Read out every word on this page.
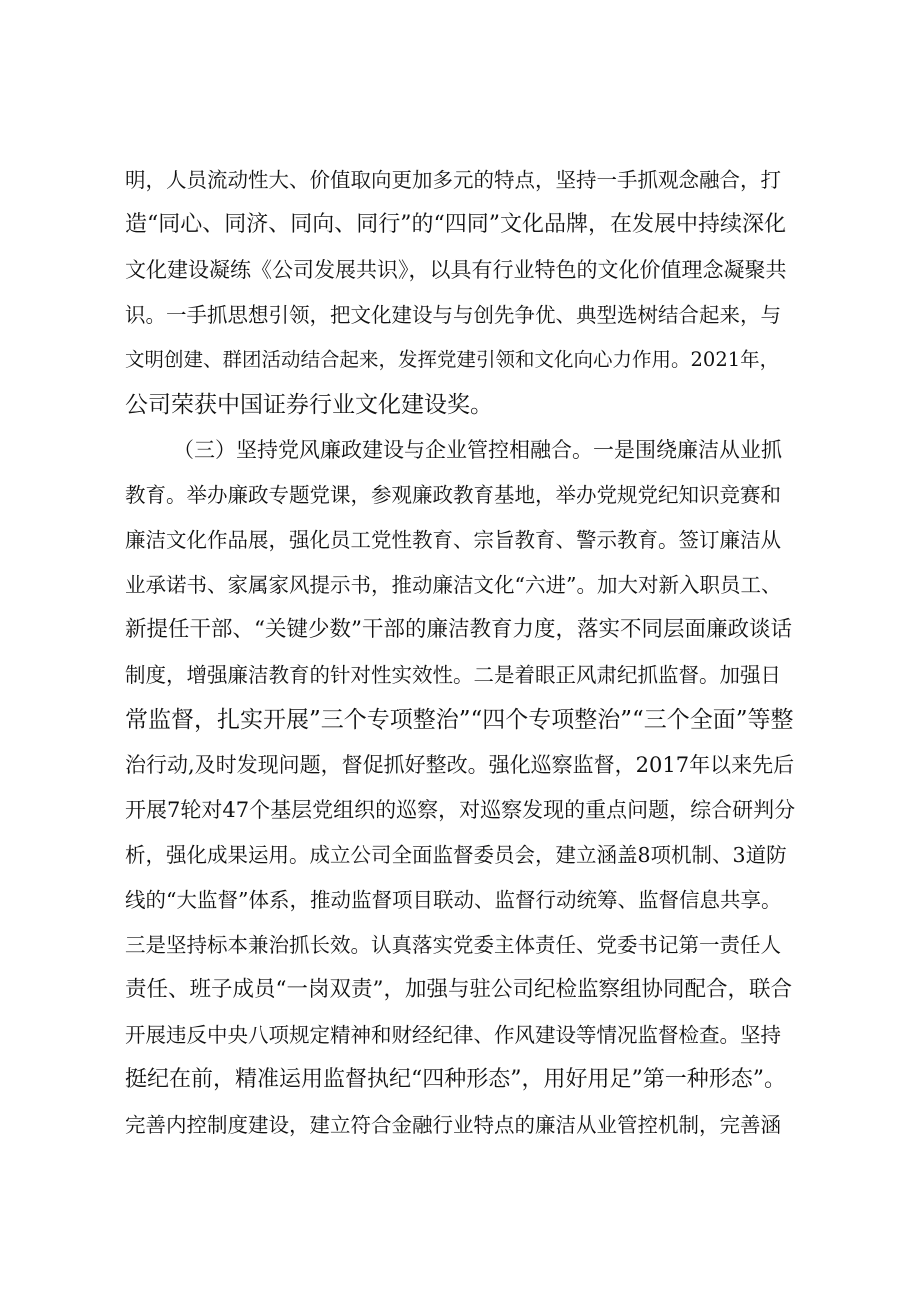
明，人员流动性大、价值取向更加多元的特点，坚持一手抓观念融合，打
造“同心、同济、同向、同行”的“四同”文化品牌，在发展中持续深化
文化建设凝练《公司发展共识》，以具有行业特色的文化价值理念凝聚共
识。一手抓思想引领，把文化建设与与创先争优、典型选树结合起来，与
文明创建、群团活动结合起来，发挥党建引领和文化向心力作用。2021年，
公司荣获中国证券行业文化建设奖。
（三）坚持党风廉政建设与企业管控相融合。一是围绕廉洁从业抓
教育。举办廉政专题党课，参观廉政教育基地，举办党规党纪知识竞赛和
廉洁文化作品展，强化员工党性教育、宗旨教育、警示教育。签订廉洁从
业承诺书、家属家风提示书，推动廉洁文化“六进”。加大对新入职员工、
新提任干部、“关键少数”干部的廉洁教育力度，落实不同层面廉政谈话
制度，增强廉洁教育的针对性实效性。二是着眼正风肃纪抓监督。加强日
常监督，扎实开展”三个专项整治”“四个专项整治”“三个全面”等整
治行动,及时发现问题，督促抓好整改。强化巡察监督，2017年以来先后
开展7轮对47个基层党组织的巡察，对巡察发现的重点问题，综合研判分
析，强化成果运用。成立公司全面监督委员会，建立涵盖8项机制、3道防
线的“大监督”体系，推动监督项目联动、监督行动统筹、监督信息共享。
三是坚持标本兼治抓长效。认真落实党委主体责任、党委书记第一责任人
责任、班子成员“一岗双责”，加强与驻公司纪检监察组协同配合，联合
开展违反中央八项规定精神和财经纪律、作风建设等情况监督检查。坚持
挺纪在前，精准运用监督执纪“四种形态”，用好用足”第一种形态”。
完善内控制度建设，建立符合金融行业特点的廉洁从业管控机制，完善涵
